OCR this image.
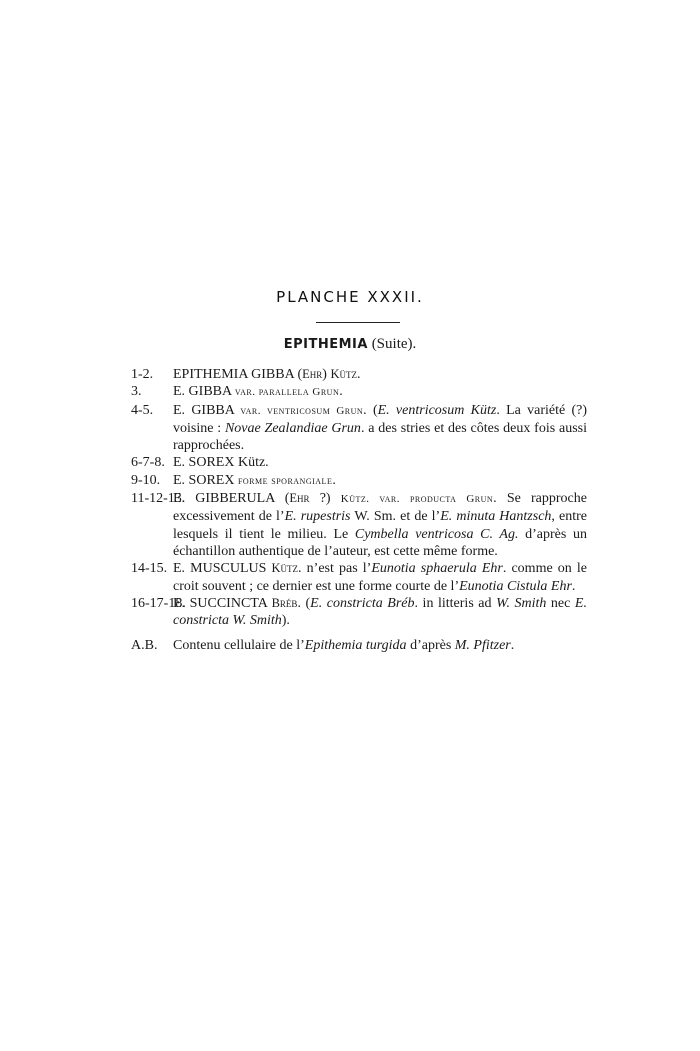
PLANCHE XXXII.
EPITHEMIA (Suite).
1-2. EPITHEMIA GIBBA (Ehr) Kütz.
3. E. GIBBA var. parallela Grun.
4-5. E. GIBBA var. ventricosum Grun. (E. ventricosum Kütz. La variété (?) voisine : Novae Zealandiae Grun. a des stries et des côtes deux fois aussi rapprochées.
6-7-8. E. SOREX Kütz.
9-10. E. SOREX forme sporangiale.
11-12-13.
E. GIBBERULA (Ehr ?) Kütz. var. producta Grun. Se rapproche excessivement de l’E. rupestris W. Sm. et de l’E. minuta Hantzsch, entre lesquels il tient le milieu. Le Cymbella ventricosa C. Ag. d’après un échantillon authentique de l’auteur, est cette même forme.
14-15. E. MUSCULUS Kütz. n’est pas l’Eunotia sphaerula Ehr. comme on le croit souvent ; ce dernier est une forme courte de l’Eunotia Cistula Ehr.
16-17-18.
E. SUCCINCTA Bréb. (E. constricta Bréb. in litteris ad W. Smith nec E. constricta W. Smith).
A.B.	Contenu cellulaire de l’Epithemia turgida d’après M. Pfitzer.
